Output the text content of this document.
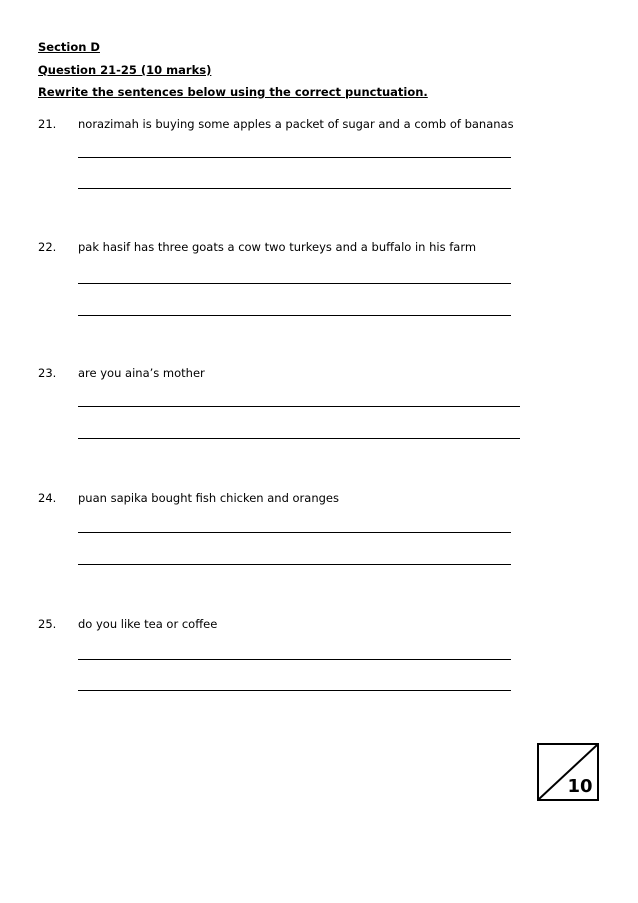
Section D
Question 21-25 (10 marks)
Rewrite the sentences below using the correct punctuation.
21. norazimah is buying some apples a packet of sugar and a comb of bananas
22. pak hasif has three goats a cow two turkeys and a buffalo in his farm
23. are you aina’s mother
24. puan sapika bought fish chicken and oranges
25. do you like tea or coffee
10
